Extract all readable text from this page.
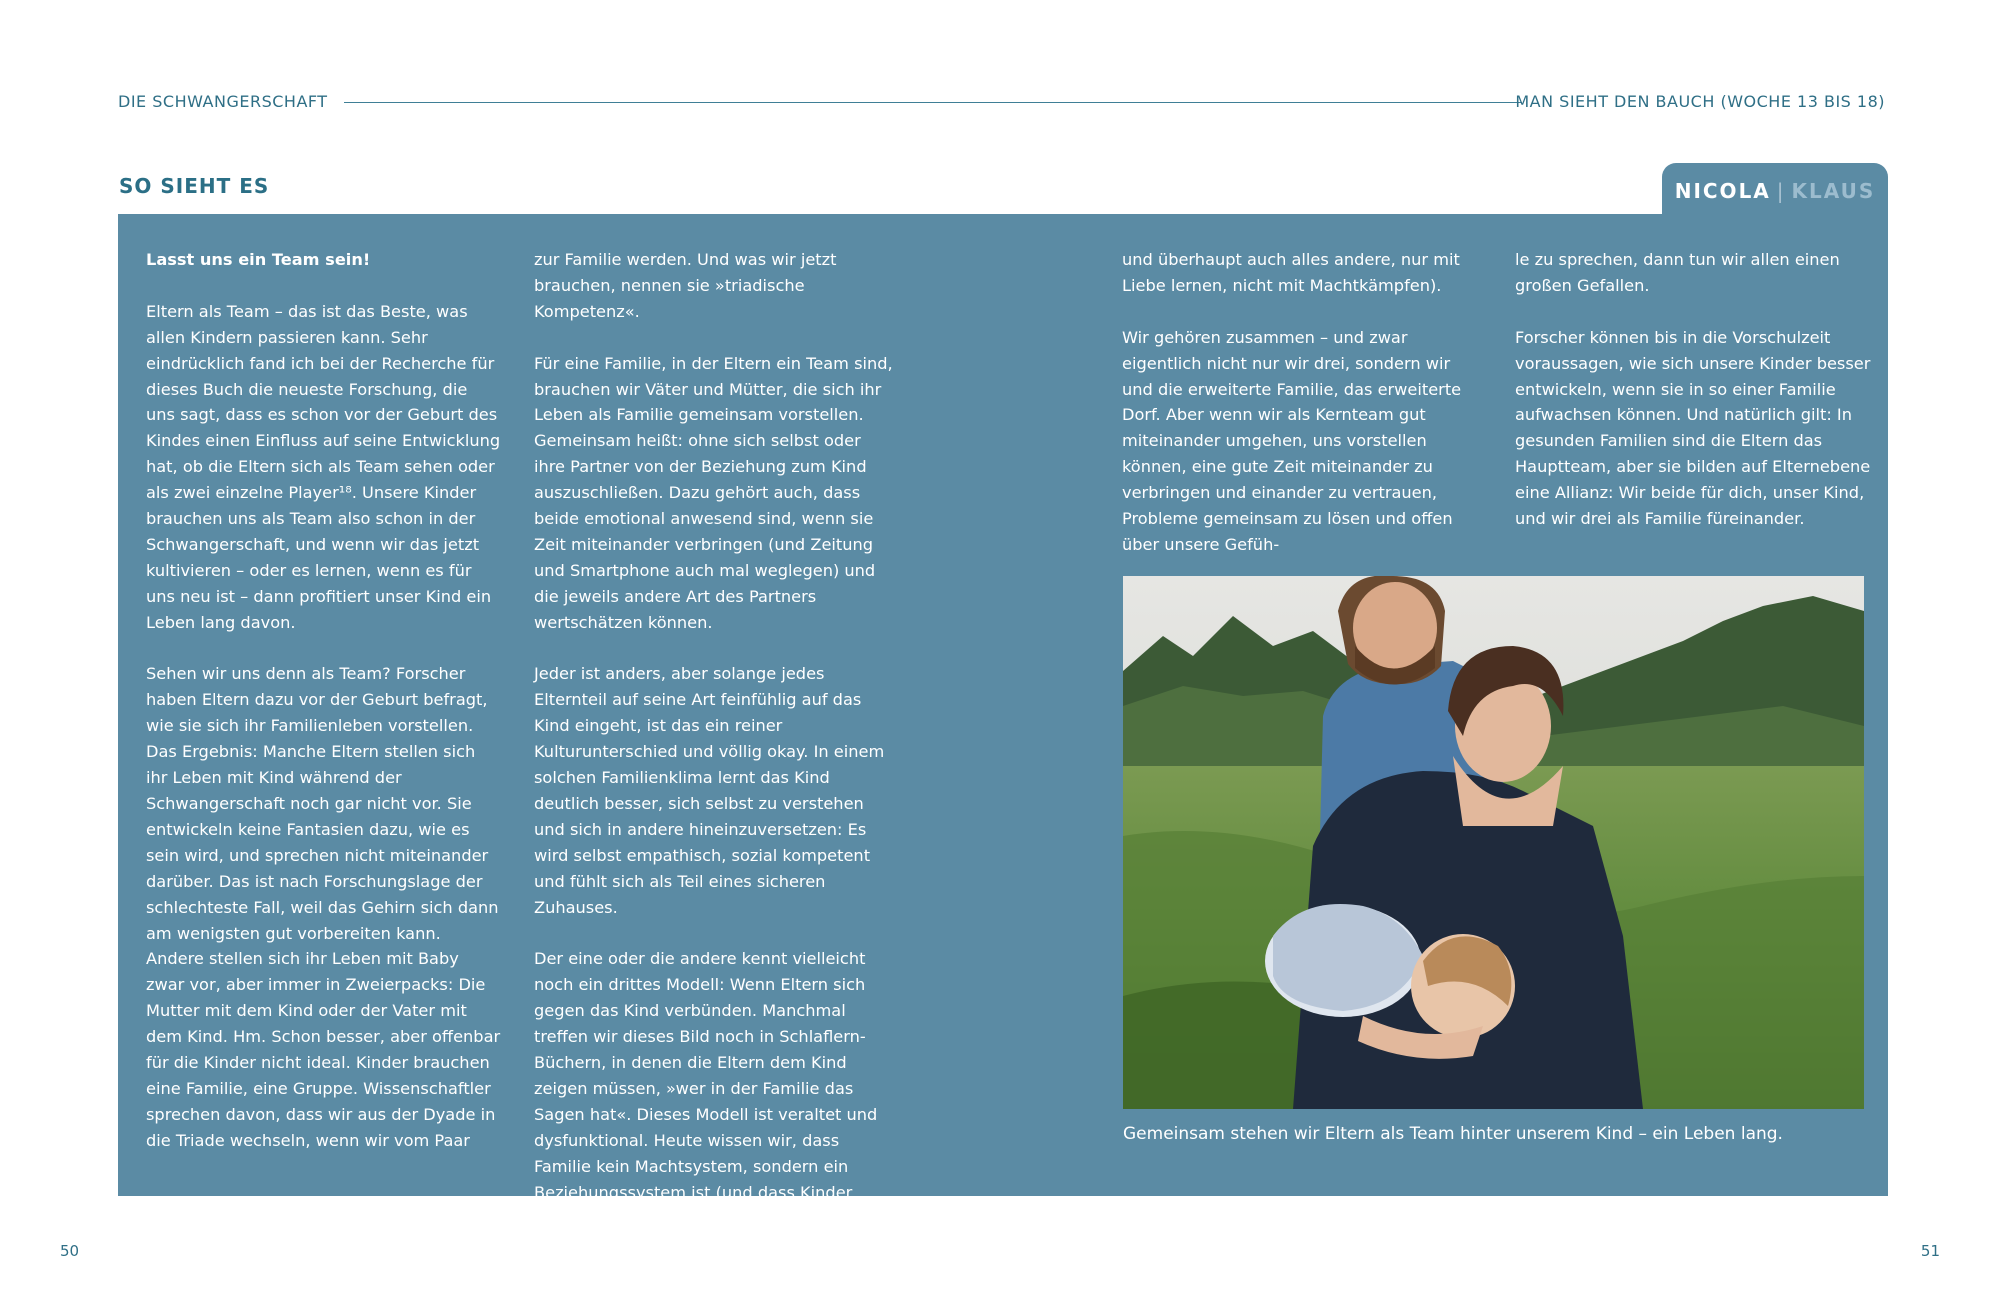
DIE SCHWANGERSCHAFT	MAN SIEHT DEN BAUCH (WOCHE 13 BIS 18)
SO SIEHT ES	NICOLA | KLAUS

Lasst uns ein Team sein!

Eltern als Team – das ist das Beste, was allen Kindern passieren kann. Sehr eindrücklich fand ich bei der Recherche für dieses Buch die neueste Forschung, die uns sagt, dass es schon vor der Geburt des Kindes einen Einfluss auf seine Entwicklung hat, ob die Eltern sich als Team sehen oder als zwei einzelne Player¹⁸. Unsere Kinder brauchen uns als Team also schon in der Schwangerschaft, und wenn wir das jetzt kultivieren – oder es lernen, wenn es für uns neu ist – dann profitiert unser Kind ein Leben lang davon.

Sehen wir uns denn als Team? Forscher haben Eltern dazu vor der Geburt befragt, wie sie sich ihr Familienleben vorstellen. Das Ergebnis: Manche Eltern stellen sich ihr Leben mit Kind während der Schwangerschaft noch gar nicht vor. Sie entwickeln keine Fantasien dazu, wie es sein wird, und sprechen nicht miteinander darüber. Das ist nach Forschungslage der schlechteste Fall, weil das Gehirn sich dann am wenigsten gut vorbereiten kann. Andere stellen sich ihr Leben mit Baby zwar vor, aber immer in Zweierpacks: Die Mutter mit dem Kind oder der Vater mit dem Kind. Hm. Schon besser, aber offenbar für die Kinder nicht ideal. Kinder brauchen eine Familie, eine Gruppe. Wissenschaftler sprechen davon, dass wir aus der Dyade in die Triade wechseln, wenn wir vom Paar

zur Familie werden. Und was wir jetzt brauchen, nennen sie »triadische Kompetenz«.

Für eine Familie, in der Eltern ein Team sind, brauchen wir Väter und Mütter, die sich ihr Leben als Familie gemeinsam vorstellen. Gemeinsam heißt: ohne sich selbst oder ihre Partner von der Beziehung zum Kind auszuschließen. Dazu gehört auch, dass beide emotional anwesend sind, wenn sie Zeit miteinander verbringen (und Zeitung und Smartphone auch mal weglegen) und die jeweils andere Art des Partners wertschätzen können.

Jeder ist anders, aber solange jedes Elternteil auf seine Art feinfühlig auf das Kind eingeht, ist das ein reiner Kulturunterschied und völlig okay. In einem solchen Familienklima lernt das Kind deutlich besser, sich selbst zu verstehen und sich in andere hineinzuversetzen: Es wird selbst empathisch, sozial kompetent und fühlt sich als Teil eines sicheren Zuhauses.

Der eine oder die andere kennt vielleicht noch ein drittes Modell: Wenn Eltern sich gegen das Kind verbünden. Manchmal treffen wir dieses Bild noch in Schlaflern-Büchern, in denen die Eltern dem Kind zeigen müssen, »wer in der Familie das Sagen hat«. Dieses Modell ist veraltet und dysfunktional. Heute wissen wir, dass Familie kein Machtsystem, sondern ein Beziehungssystem ist (und dass Kinder schlafen,

und überhaupt auch alles andere, nur mit Liebe lernen, nicht mit Machtkämpfen).

Wir gehören zusammen – und zwar eigentlich nicht nur wir drei, sondern wir und die erweiterte Familie, das erweiterte Dorf. Aber wenn wir als Kernteam gut miteinander umgehen, uns vorstellen können, eine gute Zeit miteinander zu verbringen und einander zu vertrauen, Probleme gemeinsam zu lösen und offen über unsere Gefüh-

le zu sprechen, dann tun wir allen einen großen Gefallen.

Forscher können bis in die Vorschulzeit voraussagen, wie sich unsere Kinder besser entwickeln, wenn sie in so einer Familie aufwachsen können. Und natürlich gilt: In gesunden Familien sind die Eltern das Hauptteam, aber sie bilden auf Elternebene eine Allianz: Wir beide für dich, unser Kind, und wir drei als Familie füreinander.

Gemeinsam stehen wir Eltern als Team hinter unserem Kind – ein Leben lang.
50	51
